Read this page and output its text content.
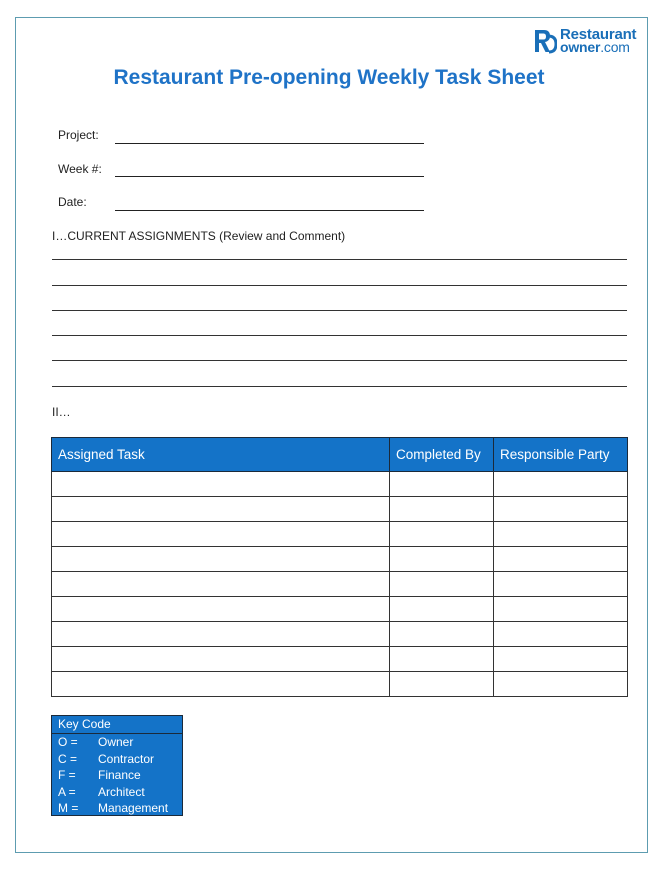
Restaurant
owner.com
Restaurant Pre-opening Weekly Task Sheet
Project:
Week #:
Date:
I…CURRENT ASSIGNMENTS (Review and Comment)
II…
Assigned Task	Completed By	Responsible Party

Key Code
O = Owner
C = Contractor
F = Finance
A = Architect
M = Management
